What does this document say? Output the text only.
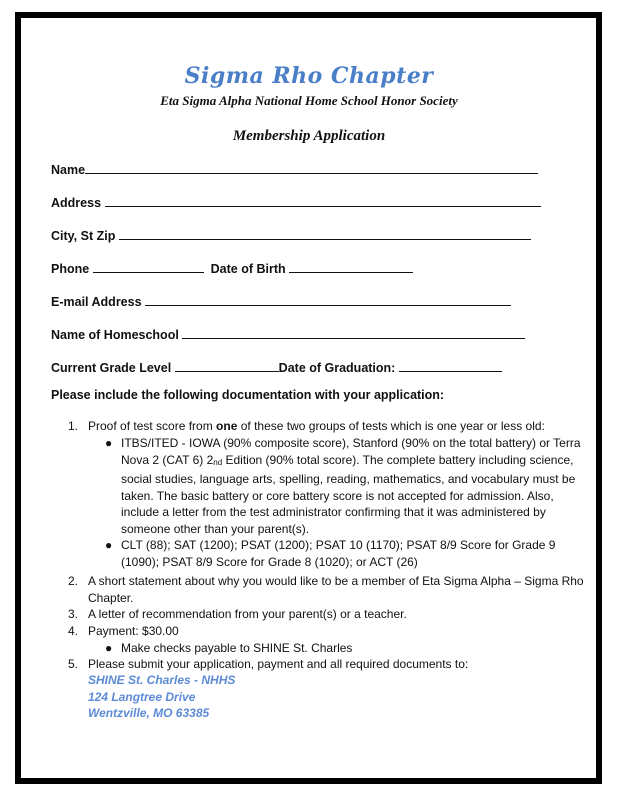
Sigma Rho Chapter
Eta Sigma Alpha National Home School Honor Society
Membership Application
Name
Address
City, St Zip
Phone	Date of Birth
E-mail Address
Name of Homeschool
Current Grade Level	Date of Graduation:
Please include the following documentation with your application:
1. Proof of test score from one of these two groups of tests which is one year or less old:
● ITBS/ITED - IOWA (90% composite score), Stanford (90% on the total battery) or Terra Nova 2 (CAT 6) 2nd Edition (90% total score). The complete battery including science, social studies, language arts, spelling, reading, mathematics, and vocabulary must be taken. The basic battery or core battery score is not accepted for admission. Also, include a letter from the test administrator confirming that it was administered by someone other than your parent(s).
● CLT (88); SAT (1200); PSAT (1200); PSAT 10 (1170); PSAT 8/9 Score for Grade 9 (1090); PSAT 8/9 Score for Grade 8 (1020); or ACT (26)
2. A short statement about why you would like to be a member of Eta Sigma Alpha – Sigma Rho Chapter.
3. A letter of recommendation from your parent(s) or a teacher.
4. Payment: $30.00
● Make checks payable to SHINE St. Charles
5. Please submit your application, payment and all required documents to:
SHINE St. Charles - NHHS
124 Langtree Drive
Wentzville, MO 63385
